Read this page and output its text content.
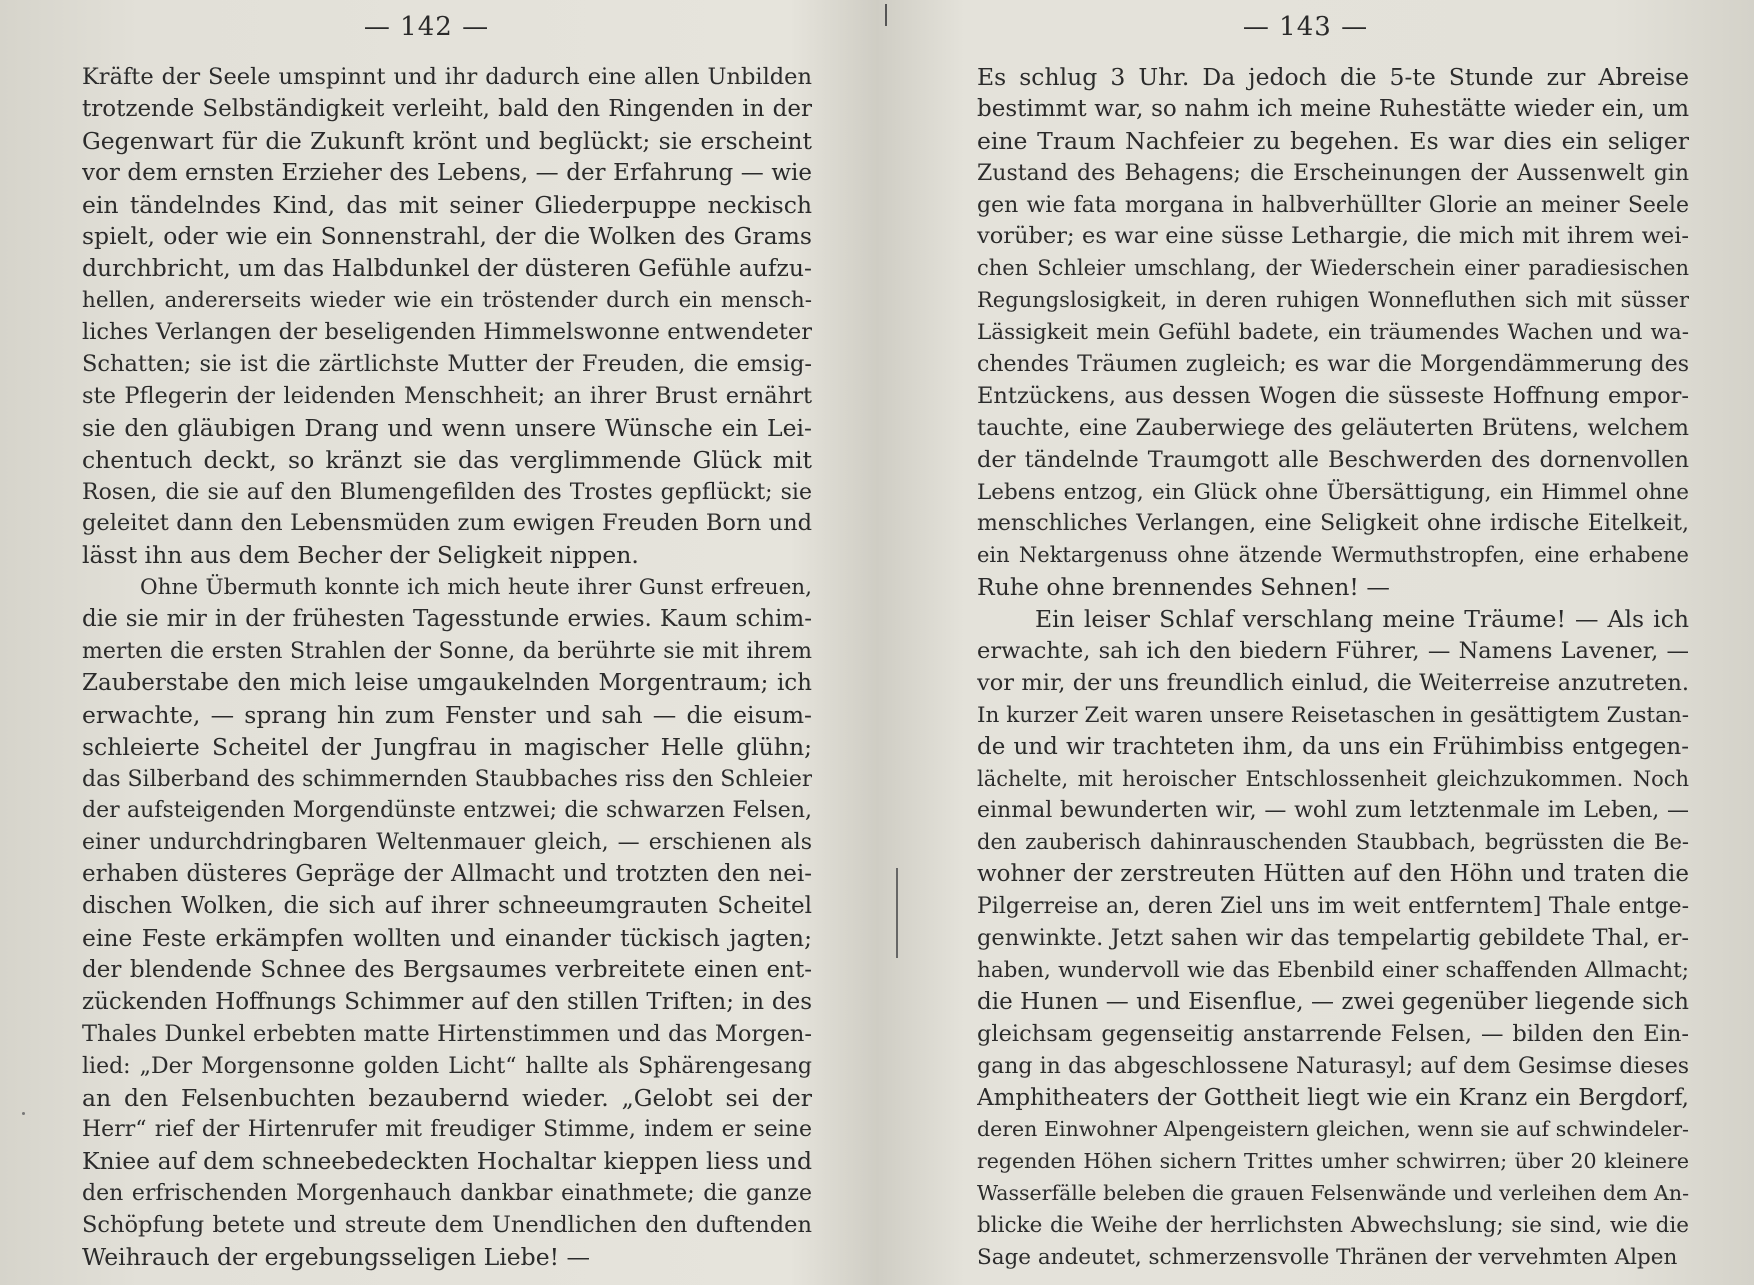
— 142 —
Kräfte der Seele umspinnt und ihr dadurch eine allen Unbilden
trotzende Selbständigkeit verleiht, bald den Ringenden in der
Gegenwart für die Zukunft krönt und beglückt; sie erscheint
vor dem ernsten Erzieher des Lebens, — der Erfahrung — wie
ein tändelndes Kind, das mit seiner Gliederpuppe neckisch
spielt, oder wie ein Sonnenstrahl, der die Wolken des Grams
durchbricht, um das Halbdunkel der düsteren Gefühle aufzu-
hellen, andererseits wieder wie ein tröstender durch ein mensch-
liches Verlangen der beseligenden Himmelswonne entwendeter
Schatten; sie ist die zärtlichste Mutter der Freuden, die emsig-
ste Pflegerin der leidenden Menschheit; an ihrer Brust ernährt
sie den gläubigen Drang und wenn unsere Wünsche ein Lei-
chentuch deckt, so kränzt sie das verglimmende Glück mit
Rosen, die sie auf den Blumengefilden des Trostes gepflückt; sie
geleitet dann den Lebensmüden zum ewigen Freuden Born und
lässt ihn aus dem Becher der Seligkeit nippen.
Ohne Übermuth konnte ich mich heute ihrer Gunst erfreuen,
die sie mir in der frühesten Tagesstunde erwies. Kaum schim-
merten die ersten Strahlen der Sonne, da berührte sie mit ihrem
Zauberstabe den mich leise umgaukelnden Morgentraum; ich
erwachte, — sprang hin zum Fenster und sah — die eisum-
schleierte Scheitel der Jungfrau in magischer Helle glühn;
das Silberband des schimmernden Staubbaches riss den Schleier
der aufsteigenden Morgendünste entzwei; die schwarzen Felsen,
einer undurchdringbaren Weltenmauer gleich, — erschienen als
erhaben düsteres Gepräge der Allmacht und trotzten den nei-
dischen Wolken, die sich auf ihrer schneeumgrauten Scheitel
eine Feste erkämpfen wollten und einander tückisch jagten;
der blendende Schnee des Bergsaumes verbreitete einen ent-
zückenden Hoffnungs Schimmer auf den stillen Triften; in des
Thales Dunkel erbebten matte Hirtenstimmen und das Morgen-
lied: „Der Morgensonne golden Licht“ hallte als Sphärengesang
an den Felsenbuchten bezaubernd wieder. „Gelobt sei der
Herr“ rief der Hirtenrufer mit freudiger Stimme, indem er seine
Kniee auf dem schneebedeckten Hochaltar kieppen liess und
den erfrischenden Morgenhauch dankbar einathmete; die ganze
Schöpfung betete und streute dem Unendlichen den duftenden
Weihrauch der ergebungsseligen Liebe! —
— 143 —
Es schlug 3 Uhr. Da jedoch die 5-te Stunde zur Abreise
bestimmt war, so nahm ich meine Ruhestätte wieder ein, um
eine Traum Nachfeier zu begehen. Es war dies ein seliger
Zustand des Behagens; die Erscheinungen der Aussenwelt gin
gen wie fata morgana in halbverhüllter Glorie an meiner Seele
vorüber; es war eine süsse Lethargie, die mich mit ihrem wei-
chen Schleier umschlang, der Wiederschein einer paradiesischen
Regungslosigkeit, in deren ruhigen Wonnefluthen sich mit süsser
Lässigkeit mein Gefühl badete, ein träumendes Wachen und wa-
chendes Träumen zugleich; es war die Morgendämmerung des
Entzückens, aus dessen Wogen die süsseste Hoffnung empor-
tauchte, eine Zauberwiege des geläuterten Brütens, welchem
der tändelnde Traumgott alle Beschwerden des dornenvollen
Lebens entzog, ein Glück ohne Übersättigung, ein Himmel ohne
menschliches Verlangen, eine Seligkeit ohne irdische Eitelkeit,
ein Nektargenuss ohne ätzende Wermuthstropfen, eine erhabene
Ruhe ohne brennendes Sehnen! —
Ein leiser Schlaf verschlang meine Träume! — Als ich
erwachte, sah ich den biedern Führer, — Namens Lavener, —
vor mir, der uns freundlich einlud, die Weiterreise anzutreten.
In kurzer Zeit waren unsere Reisetaschen in gesättigtem Zustan-
de und wir trachteten ihm, da uns ein Frühimbiss entgegen-
lächelte, mit heroischer Entschlossenheit gleichzukommen. Noch
einmal bewunderten wir, — wohl zum letztenmale im Leben, —
den zauberisch dahinrauschenden Staubbach, begrüssten die Be-
wohner der zerstreuten Hütten auf den Höhn und traten die
Pilgerreise an, deren Ziel uns im weit entferntem] Thale entge-
genwinkte. Jetzt sahen wir das tempelartig gebildete Thal, er-
haben, wundervoll wie das Ebenbild einer schaffenden Allmacht;
die Hunen — und Eisenflue, — zwei gegenüber liegende sich
gleichsam gegenseitig anstarrende Felsen, — bilden den Ein-
gang in das abgeschlossene Naturasyl; auf dem Gesimse dieses
Amphitheaters der Gottheit liegt wie ein Kranz ein Bergdorf,
deren Einwohner Alpengeistern gleichen, wenn sie auf schwindeler-
regenden Höhen sichern Trittes umher schwirren; über 20 kleinere
Wasserfälle beleben die grauen Felsenwände und verleihen dem An-
blicke die Weihe der herrlichsten Abwechslung; sie sind, wie die
Sage andeutet, schmerzensvolle Thränen der vervehmten Alpen
